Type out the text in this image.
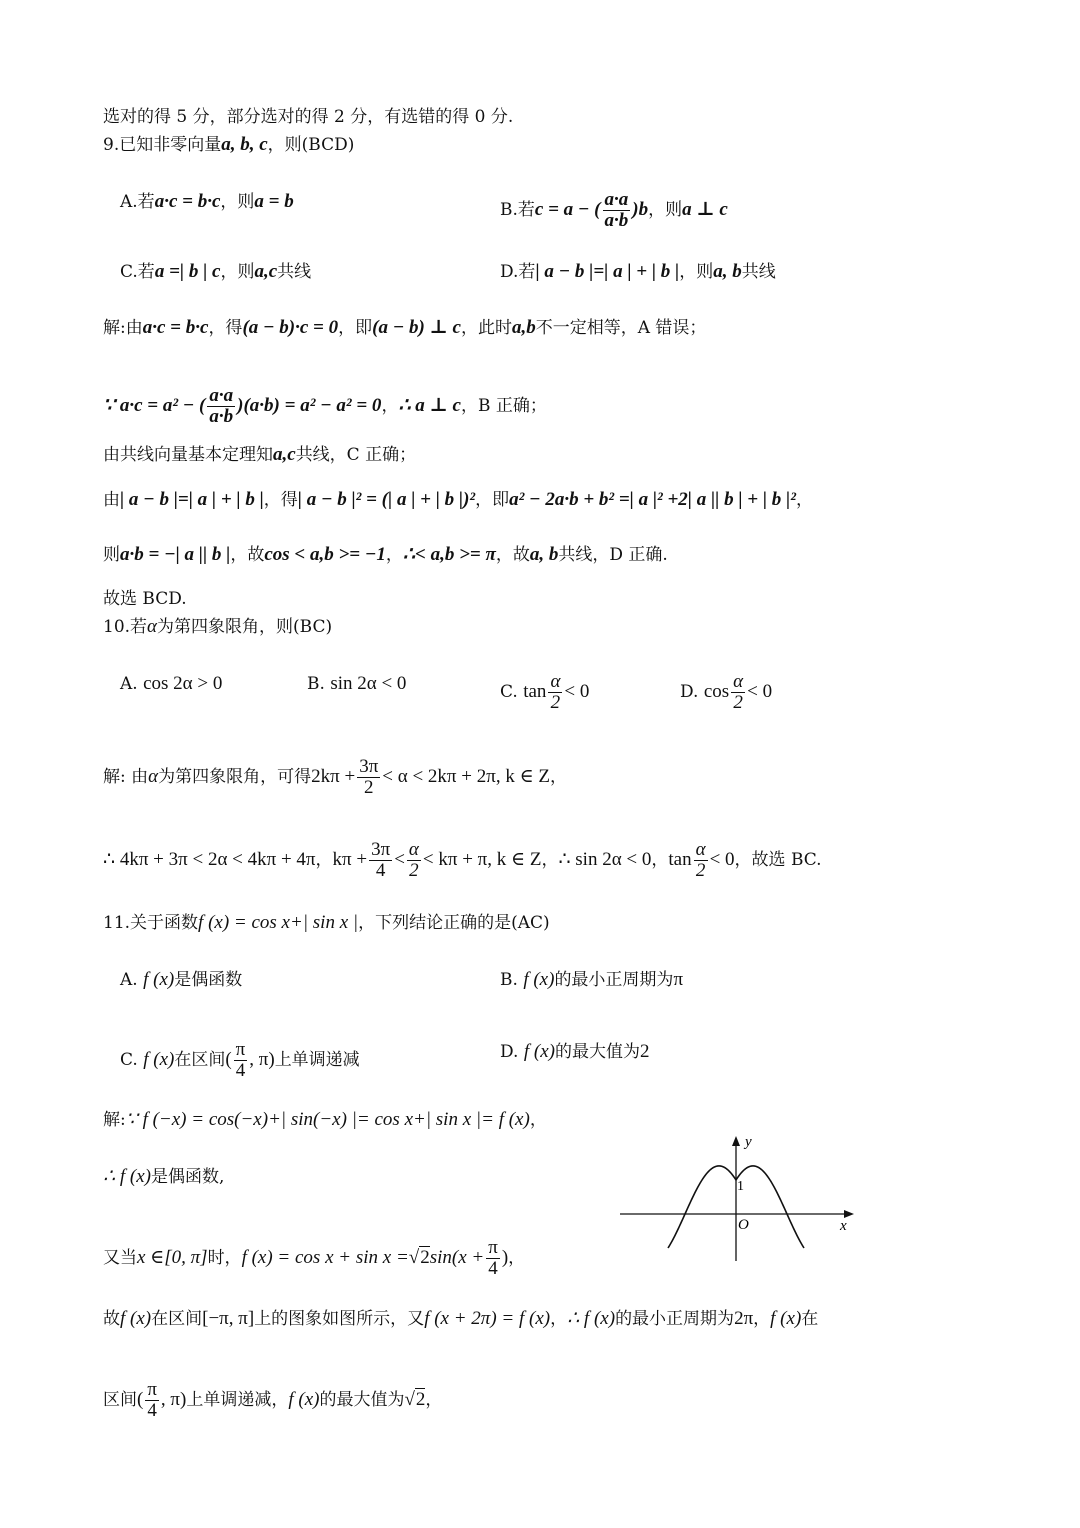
选对的得 5 分，部分选对的得 2 分，有选错的得 0 分.
9.已知非零向量a, b, c，则(BCD)
A.若a·c = b·c，则a = b	B.若c = a − ( $\frac{a\cdot a}{a\cdot b} )b$，则a ⊥ c
C.若a =| b | c，则a,c共线	D.若| a − b |=| a | + | b |，则a, b共线
解:由a·c = b·c，得(a − b)·c = 0，即(a − b) ⊥ c，此时a,b不一定相等，A 错误；
∵ a·c = a² − ( $\frac{a\cdot a}{a\cdot b} )(a\cdot b) = a^2 - a^2 = 0$，∴ a ⊥ c，B 正确；
由共线向量基本定理知a,c共线，C 正确；
由| a − b |=| a | + | b |，得| a − b |² = (| a | + | b |)²，即a² − 2a·b + b² =| a |² +2| a || b | + | b |²，
则a·b = −| a || b |，故cos < a,b >= −1，∴< a,b >= π，故a, b共线，D 正确.
故选 BCD.
10.若α为第四象限角，则(BC)
A. cos 2α > 0	B. sin 2α < 0	C. $\tan \frac{\alpha}{2} < 0$	D. $\cos \frac{\alpha}{2} < 0$
解: 由α为第四象限角，可得$2k\pi + \frac{3\pi}{2} < \alpha < 2k\pi + 2\pi$, k ∈ Z，
∴ 4kπ + 3π < 2α < 4kπ + 4π，$k\pi + \frac{3\pi}{4} < \frac{\alpha}{2} < k\pi + \pi$, k ∈ Z，∴ sin 2α < 0，$\tan \frac{\alpha}{2} < 0$，故选 BC.
11.关于函数f (x) = cos x+| sin x |，下列结论正确的是(AC)
A. f (x)是偶函数	B. f (x)的最小正周期为π
C. f (x)在区间( $\frac{\pi}{4}$ , π)上单调递减	D. f (x)的最大值为2
解:∵ f (−x) = cos(−x)+| sin(−x) |= cos x+| sin x |= f (x)，
∴ f (x)是偶函数,
又当x ∈[0, π]时，f $(x) = \cos x + \sin x =√2\sin(x + \frac{\pi}{4}$ )，
故f (x)在区间[−π, π]上的图象如图所示，又f (x + 2π) = f (x)，∴ f (x)的最小正周期为2π，f (x)在
区间( $\frac{\pi}{4}$ , π)上单调递减，f (x)的最大值为√2，
y
x
O
1
